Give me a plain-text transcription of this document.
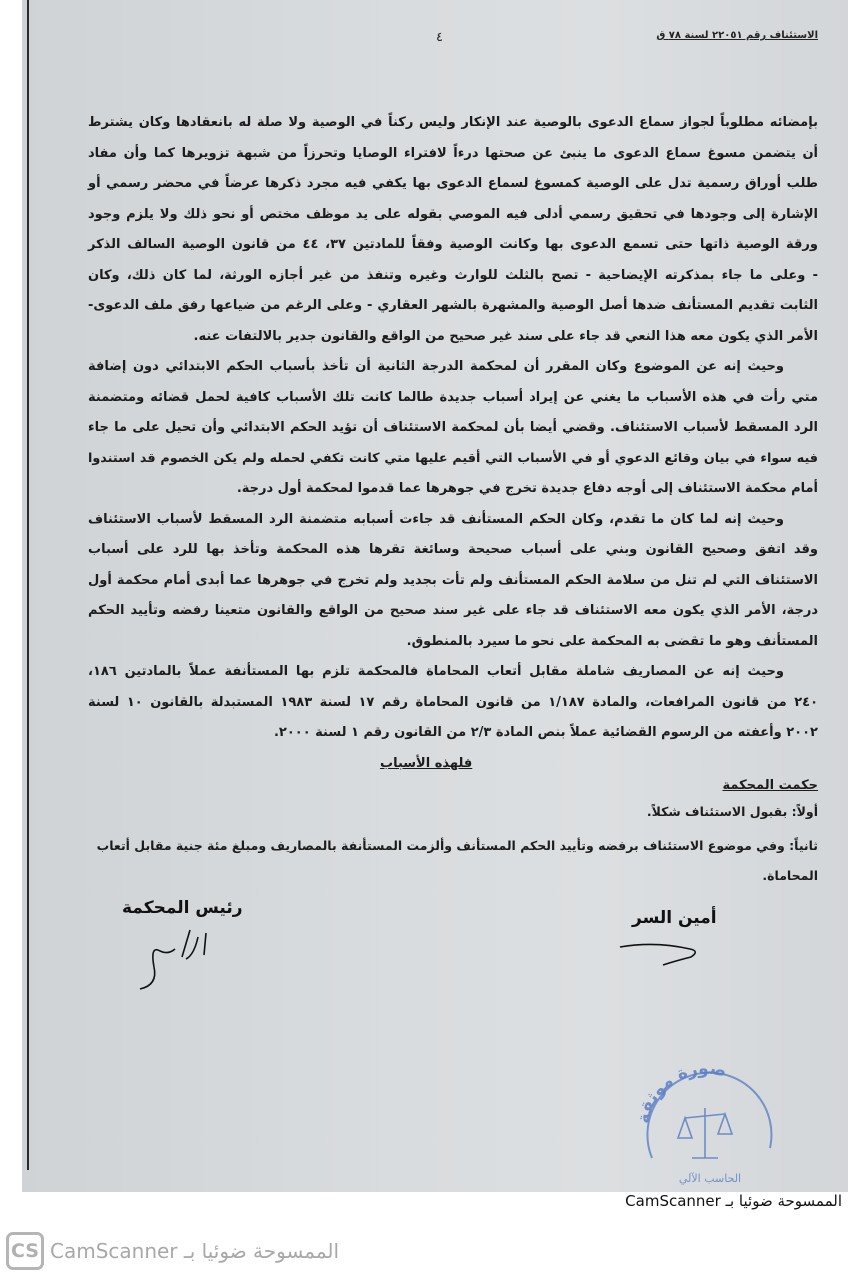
الاستئناف رقم ٢٢٠٥١ لسنة ٧٨ ق
٤
بإمضائه مطلوباً لجواز سماع الدعوى بالوصية عند الإنكار وليس ركناً في الوصية ولا صلة له بانعقادها وكان يشترط
أن يتضمن مسوغ سماع الدعوى ما ينبئ عن صحتها درءاً لافتراء الوصايا وتحرزاً من شبهة تزويرها كما وأن مفاد
طلب أوراق رسمية تدل على الوصية كمسوغ لسماع الدعوى بها يكفي فيه مجرد ذكرها عرضاً في محضر رسمي أو
الإشارة إلى وجودها في تحقيق رسمي أدلى فيه الموصي بقوله على يد موظف مختص أو نحو ذلك ولا يلزم وجود
ورقة الوصية ذاتها حتى تسمع الدعوى بها وكانت الوصية وفقاً للمادتين ٣٧، ٤٤ من قانون الوصية السالف الذكر
- وعلى ما جاء بمذكرته الإيضاحية - تصح بالثلث للوارث وغيره وتنفذ من غير أجازه الورثة، لما كان ذلك، وكان
الثابت تقديم المستأنف ضدها أصل الوصية والمشهرة بالشهر العقاري - وعلى الرغم من ضياعها رفق ملف الدعوى-
الأمر الذي يكون معه هذا النعي قد جاء على سند غير صحيح من الواقع والقانون جدير بالالتفات عنه.
وحيث إنه عن الموضوع وكان المقرر أن لمحكمة الدرجة الثانية أن تأخذ بأسباب الحكم الابتدائي دون إضافة
متي رأت في هذه الأسباب ما يغني عن إيراد أسباب جديدة طالما كانت تلك الأسباب كافية لحمل قضائه ومتضمنة
الرد المسقط لأسباب الاستئناف. وقضي أيضا بأن لمحكمة الاستئناف أن تؤيد الحكم الابتدائي وأن تحيل على ما جاء
فيه سواء في بيان وقائع الدعوي أو في الأسباب التي أقيم عليها متي كانت تكفي لحمله ولم يكن الخصوم قد استندوا
أمام محكمة الاستئناف إلى أوجه دفاع جديدة تخرج في جوهرها عما قدموا لمحكمة أول درجة.
وحيث إنه لما كان ما تقدم، وكان الحكم المستأنف قد جاءت أسبابه متضمنة الرد المسقط لأسباب الاستئناف
وقد اتفق وصحيح القانون وبني على أسباب صحيحة وسائغة تقرها هذه المحكمة وتأخذ بها للرد على أسباب
الاستئناف التي لم تنل من سلامة الحكم المستأنف ولم تأت بجديد ولم تخرج في جوهرها عما أبدى أمام محكمة أول
درجة، الأمر الذي يكون معه الاستئناف قد جاء على غير سند صحيح من الواقع والقانون متعينا رفضه وتأييد الحكم
المستأنف وهو ما تقضى به المحكمة على نحو ما سيرد بالمنطوق.
وحيث إنه عن المصاريف شاملة مقابل أتعاب المحاماة فالمحكمة تلزم بها المستأنفة عملاً بالمادتين ١٨٦،
٢٤٠ من قانون المرافعات، والمادة ١/١٨٧ من قانون المحاماة رقم ١٧ لسنة ١٩٨٣ المستبدلة بالقانون ١٠ لسنة
٢٠٠٢ وأعفته من الرسوم القضائية عملاً بنص المادة ٢/٣ من القانون رقم ١ لسنة ٢٠٠٠.
فلهذه الأسباب
حكمت المحكمة
أولاً: بقبول الاستئناف شكلاً.
ثانياً: وفي موضوع الاستئناف برفضه وتأييد الحكم المستأنف وألزمت المستأنفة بالمصاريف ومبلغ مئة جنية مقابل أتعاب
المحاماة.
رئيس المحكمة	أمين السر
صورة موثقة
الحاسب الآلي
الممسوحة ضوئيا بـ CamScanner
CS الممسوحة ضوئيا بـ CamScanner
